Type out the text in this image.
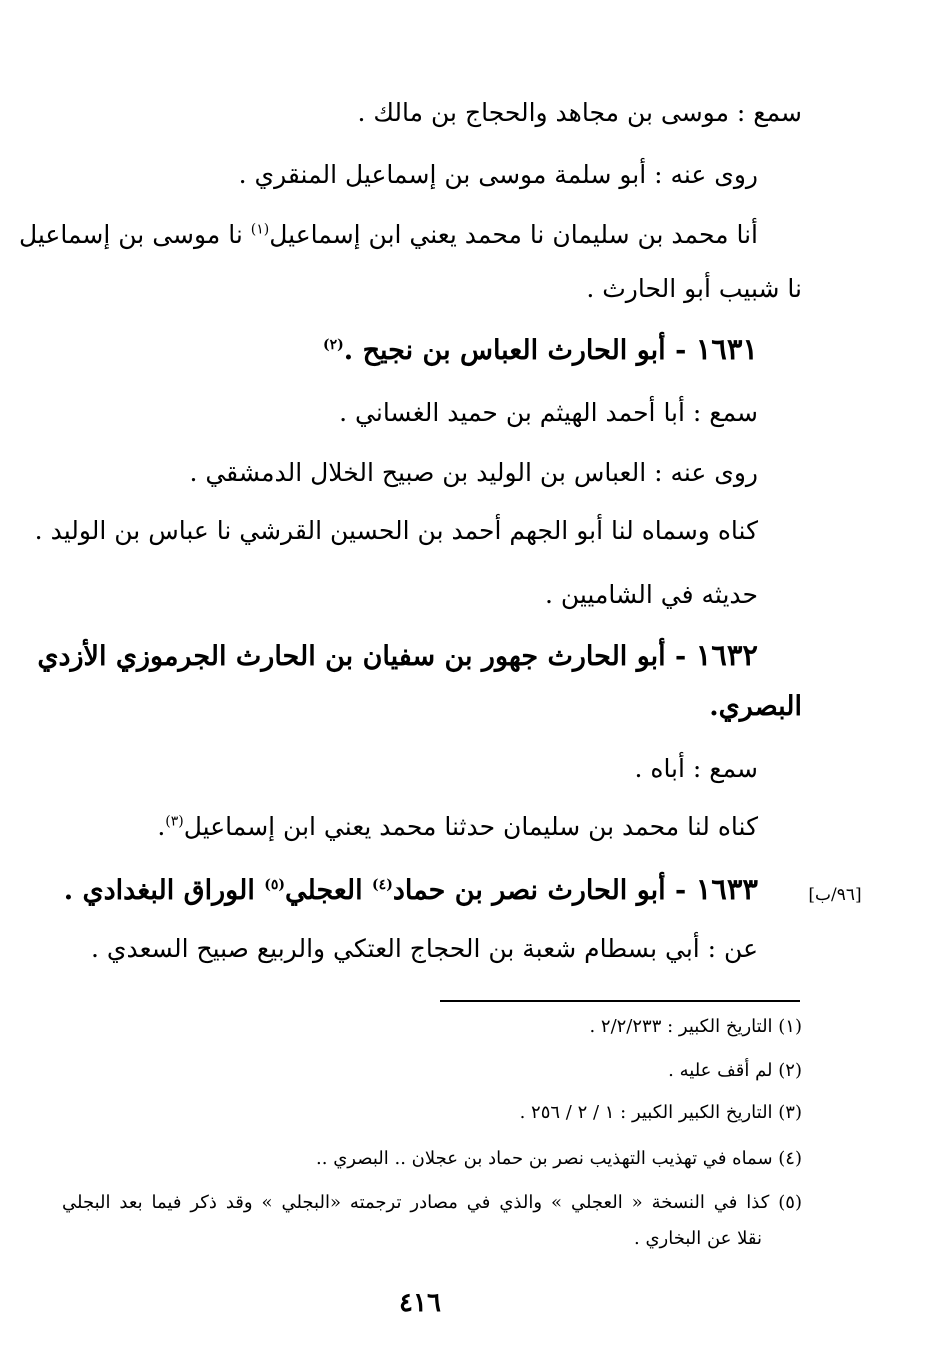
سمع : موسى بن مجاهد والحجاج بن مالك .
روى عنه : أبو سلمة موسى بن إسماعيل المنقري .
أنا محمد بن سليمان نا محمد يعني ابن إسماعيل$^{(١)}$ نا موسى بن إسماعيل
نا شبيب أبو الحارث .
١٦٣١ - أبو الحارث العباس بن نجيح .$^{(٢)}$
سمع : أبا أحمد الهيثم بن حميد الغساني .
روى عنه : العباس بن الوليد بن صبيح الخلال الدمشقي .
كناه وسماه لنا أبو الجهم أحمد بن الحسين القرشي نا عباس بن الوليد .
حديثه في الشاميين .
١٦٣٢ - أبو الحارث جهور بن سفيان بن الحارث الجرموزي الأزدي
البصري.
سمع : أباه .
كناه لنا محمد بن سليمان حدثنا محمد يعني ابن إسماعيل$^{(٣)}$.
١٦٣٣ - أبو الحارث نصر بن حماد$^{(٤)}$ العجلي$^{(٥)}$ الوراق البغدادي .	[٩٦/ب]
عن : أبي بسطام شعبة بن الحجاج العتكي والربيع صبيح السعدي .
(١) التاريخ الكبير : ٢/٢/٢٣٣ .
(٢) لم أقف عليه .
(٣) التاريخ الكبير الكبير : ١ / ٢ / ٢٥٦ .
(٤) سماه في تهذيب التهذيب نصر بن حماد بن عجلان .. البصري ..
(٥) كذا في النسخة « العجلي » والذي في مصادر ترجمته «البجلي » وقد ذكر فيما بعد البجلي
نقلا عن البخاري .
٤١٦
